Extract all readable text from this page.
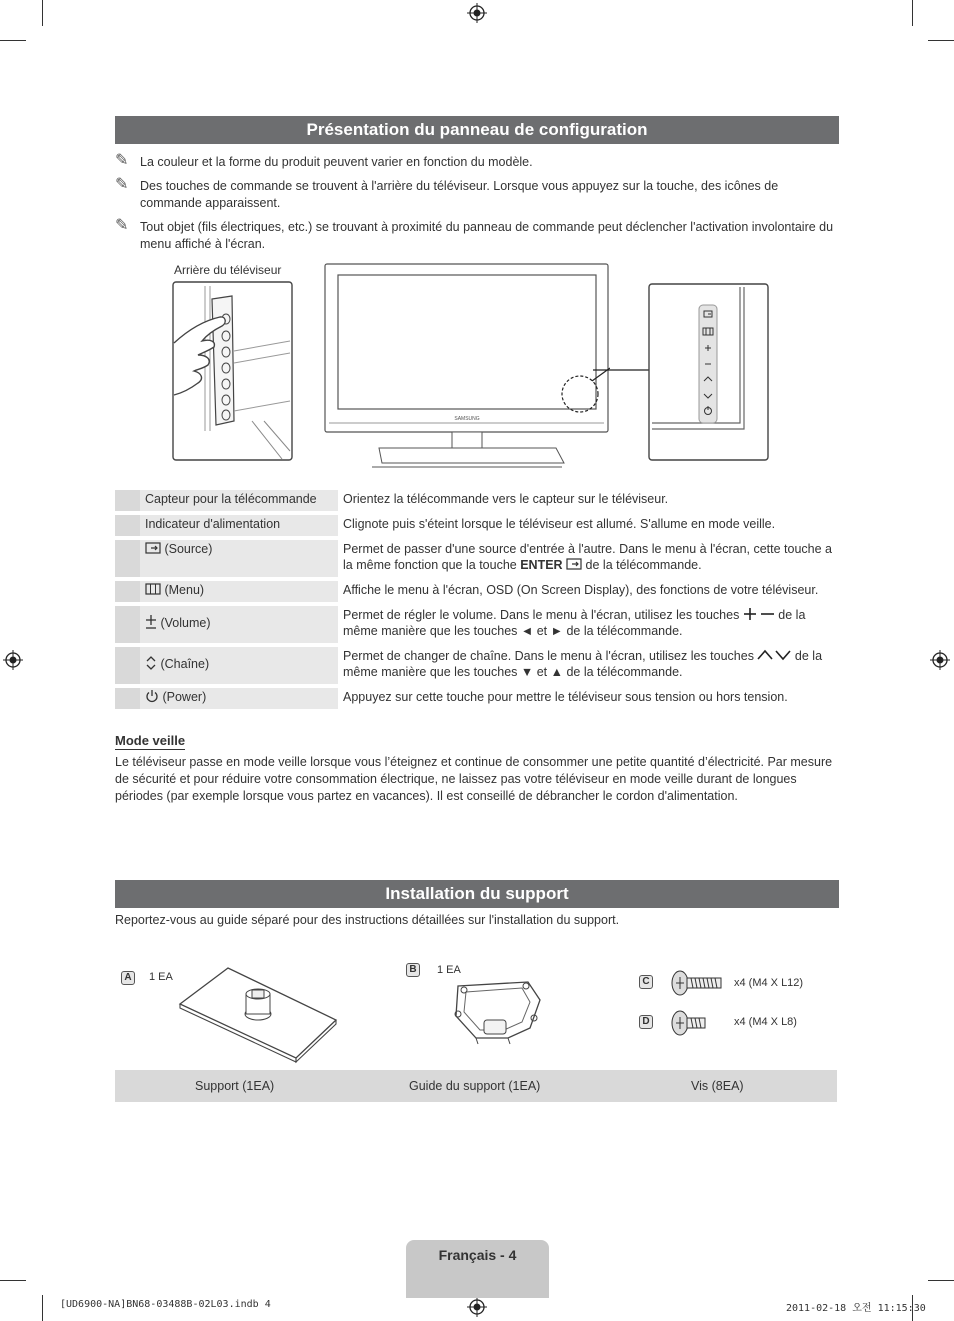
Présentation du panneau de configuration
✎ La couleur et la forme du produit peuvent varier en fonction du modèle.
✎ Des touches de commande se trouvent à l'arrière du téléviseur. Lorsque vous appuyez sur la touche, des icônes de commande apparaissent.
✎ Tout objet (fils électriques, etc.) se trouvant à proximité du panneau de commande peut déclencher l'activation involontaire du menu affiché à l'écran.
Arrière du téléviseur
SAMSUNG
	Capteur pour la télécommande	Orientez la télécommande vers le capteur sur le téléviseur.
	Indicateur d'alimentation	Clignote puis s'éteint lorsque le téléviseur est allumé. S'allume en mode veille.
	(Source)	Permet de passer d'une source d'entrée à l'autre. Dans le menu à l'écran, cette touche a la même fonction que la touche ENTER de la télécommande.
	(Menu)	Affiche le menu à l'écran, OSD (On Screen Display), des fonctions de votre téléviseur.
	(Volume)	Permet de régler le volume. Dans le menu à l'écran, utilisez les touches de la même manière que les touches ◄ et ► de la télécommande.
	(Chaîne)	Permet de changer de chaîne. Dans le menu à l'écran, utilisez les touches de la même manière que les touches ▼ et ▲ de la télécommande.
	(Power)	Appuyez sur cette touche pour mettre le téléviseur sous tension ou hors tension.
Mode veille
Le téléviseur passe en mode veille lorsque vous l’éteignez et continue de consommer une petite quantité d’électricité. Par mesure de sécurité et pour réduire votre consommation électrique, ne laissez pas votre téléviseur en mode veille durant de longues périodes (par exemple lorsque vous partez en vacances). Il est conseillé de débrancher le cordon d'alimentation.
Installation du support
Reportez-vous au guide séparé pour des instructions détaillées sur l'installation du support.
A	1 EA
B	1 EA
C	x4 (M4 X L12)
D	x4 (M4 X L8)
Support (1EA)	Guide du support (1EA)	Vis (8EA)
Français - 4
[UD6900-NA]BN68-03488B-02L03.indb 4	2011-02-18 오전 11:15:30
